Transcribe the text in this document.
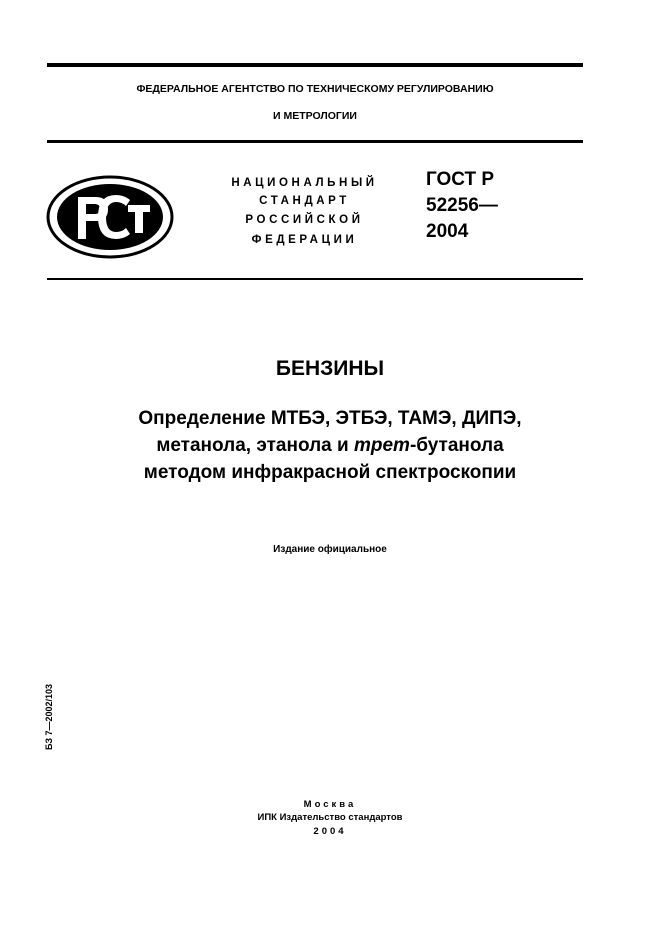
ФЕДЕРАЛЬНОЕ АГЕНТСТВО ПО ТЕХНИЧЕСКОМУ РЕГУЛИРОВАНИЮ
И МЕТРОЛОГИИ
НАЦИОНАЛЬНЫЙ
СТАНДАРТ
РОССИЙСКОЙ
ФЕДЕРАЦИИ
ГОСТ Р
52256—
2004
БЕНЗИНЫ
Определение МТБЭ, ЭТБЭ, ТАМЭ, ДИПЭ,
метанола, этанола и трет-бутанола
методом инфракрасной спектроскопии
Издание официальное
БЗ 7—2002/103
Москва
ИПК Издательство стандартов
2004
